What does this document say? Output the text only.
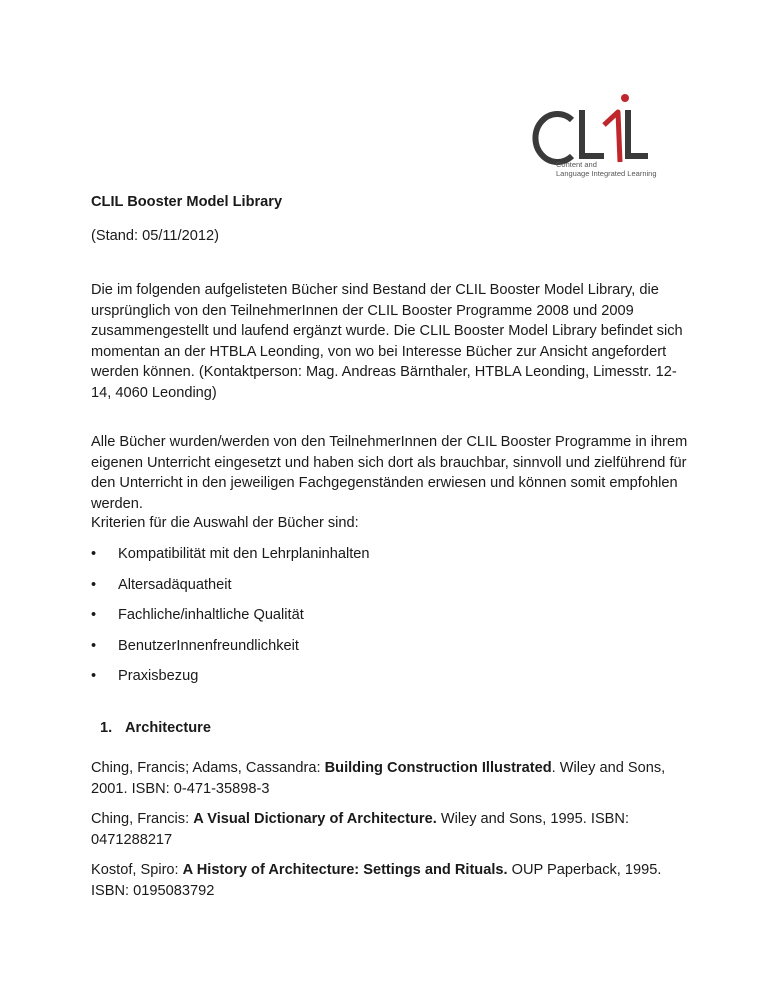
Content and
Language Integrated Learning

CLIL Booster Model Library

(Stand: 05/11/2012)

Die im folgenden aufgelisteten Bücher sind Bestand der CLIL Booster Model Library, die ursprünglich von den TeilnehmerInnen der CLIL Booster Programme 2008 und 2009 zusammengestellt und laufend ergänzt wurde. Die CLIL Booster Model Library befindet sich momentan an der HTBLA Leonding, von wo bei Interesse Bücher zur Ansicht angefordert werden können. (Kontaktperson: Mag. Andreas Bärnthaler, HTBLA Leonding, Limesstr. 12-14, 4060 Leonding)

Alle Bücher wurden/werden von den TeilnehmerInnen der CLIL Booster Programme in ihrem eigenen Unterricht eingesetzt und haben sich dort als brauchbar, sinnvoll und zielführend für den Unterricht in den jeweiligen Fachgegenständen erwiesen und können somit empfohlen werden.

Kriterien für die Auswahl der Bücher sind:

• Kompatibilität mit den Lehrplaninhalten
• Altersadäquatheit
• Fachliche/inhaltliche Qualität
• BenutzerInnenfreundlichkeit
• Praxisbezug

1. Architecture

Ching, Francis; Adams, Cassandra: Building Construction Illustrated. Wiley and Sons, 2001. ISBN: 0-471-35898-3

Ching, Francis: A Visual Dictionary of Architecture. Wiley and Sons, 1995. ISBN: 0471288217

Kostof, Spiro: A History of Architecture: Settings and Rituals. OUP Paperback, 1995. ISBN: 0195083792
